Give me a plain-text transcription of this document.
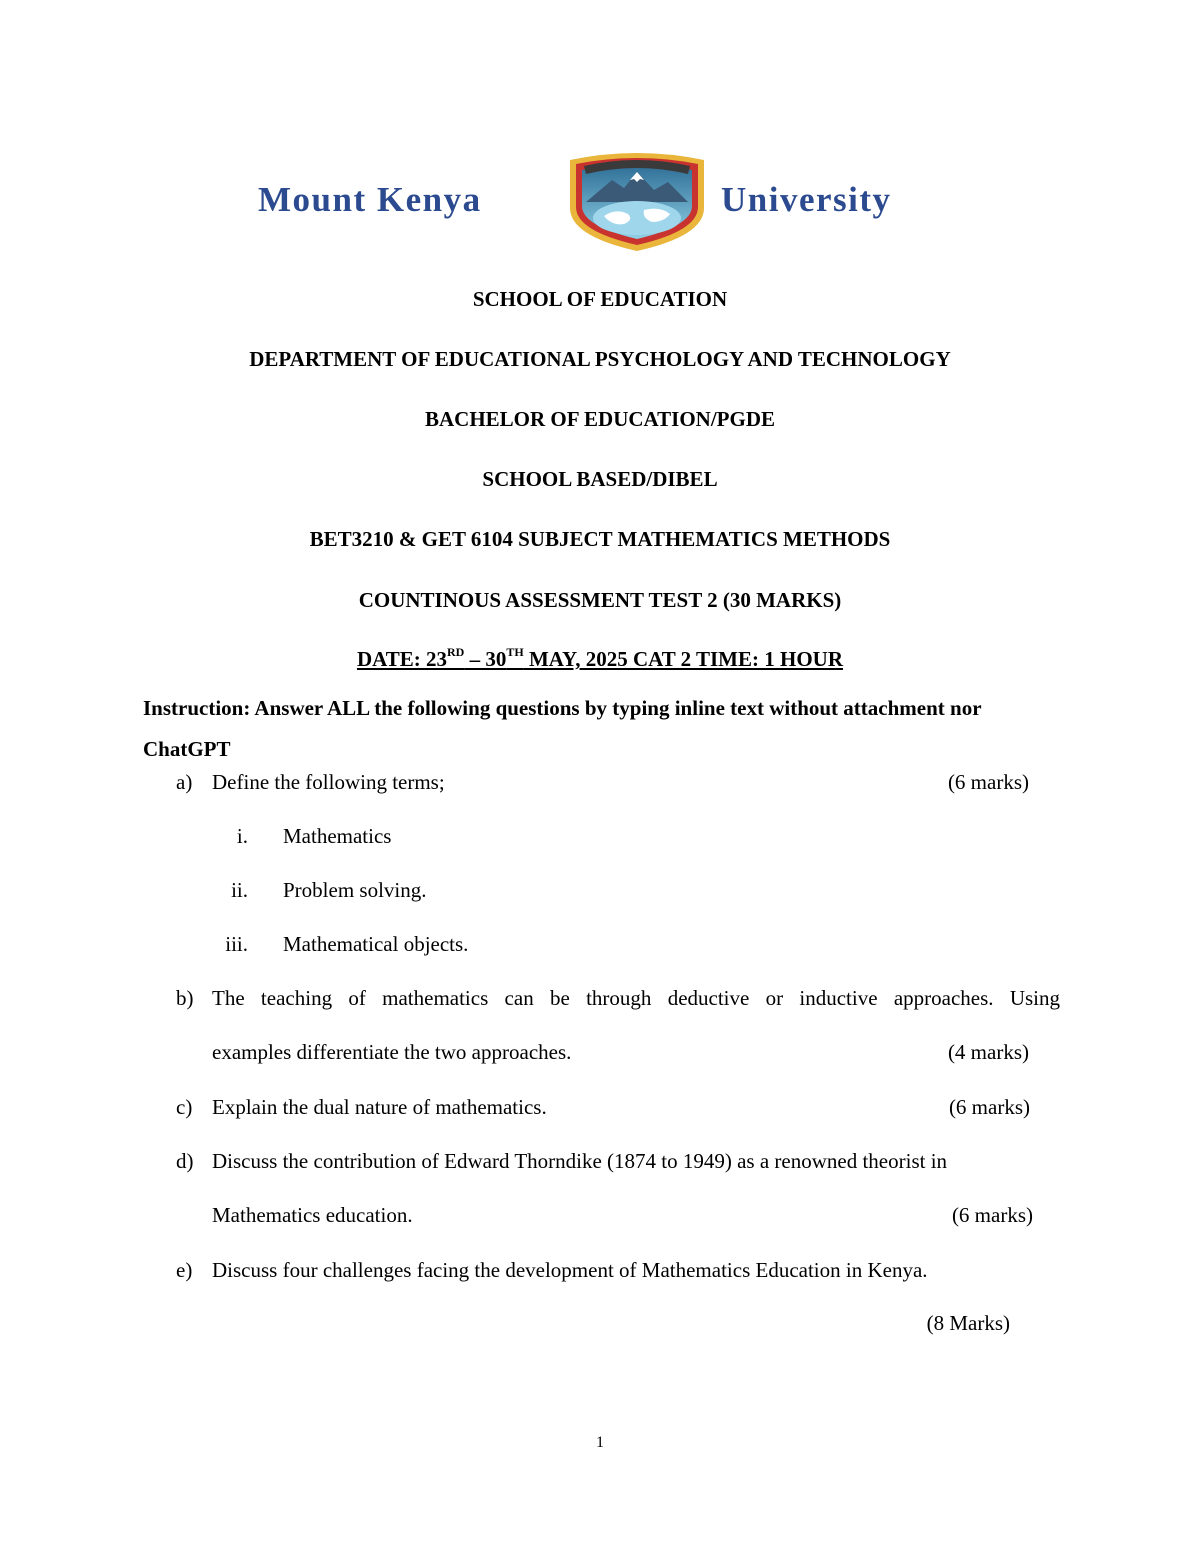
Mount Kenya	University
SCHOOL OF EDUCATION
DEPARTMENT OF EDUCATIONAL PSYCHOLOGY AND TECHNOLOGY
BACHELOR OF EDUCATION/PGDE
SCHOOL BASED/DIBEL
BET3210 & GET 6104 SUBJECT MATHEMATICS METHODS
COUNTINOUS ASSESSMENT TEST 2 (30 MARKS)
DATE: 23RD – 30TH MAY, 2025 CAT 2 TIME: 1 HOUR
Instruction: Answer ALL the following questions by typing inline text without attachment nor ChatGPT
a) Define the following terms;	(6 marks)
i. Mathematics
ii. Problem solving.
iii. Mathematical objects.
b) The teaching of mathematics can be through deductive or inductive approaches. Using
examples differentiate the two approaches.	(4 marks)
c) Explain the dual nature of mathematics.	(6 marks)
d) Discuss the contribution of Edward Thorndike (1874 to 1949) as a renowned theorist in
Mathematics education.	(6 marks)
e) Discuss four challenges facing the development of Mathematics Education in Kenya.
(8 Marks)
1
